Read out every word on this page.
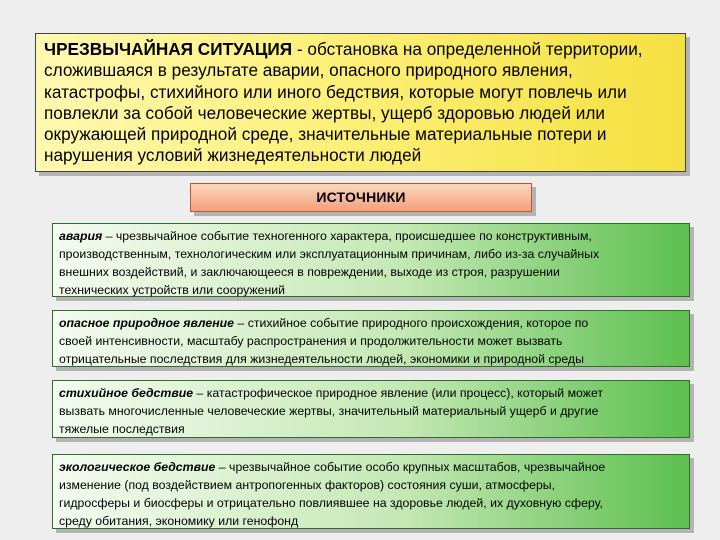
ЧРЕЗВЫЧАЙНАЯ СИТУАЦИЯ - обстановка на определенной территории,
сложившаяся в результате аварии, опасного природного явления,
катастрофы, стихийного или иного бедствия, которые могут повлечь или
повлекли за собой человеческие жертвы, ущерб здоровью людей или
окружающей природной среде, значительные материальные потери и
нарушения условий жизнедеятельности людей
ИСТОЧНИКИ
авария – чрезвычайное событие техногенного характера, происшедшее по конструктивным,
производственным, технологическим или эксплуатационным причинам, либо из-за случайных
внешних воздействий, и заключающееся в повреждении, выходе из строя, разрушении
технических устройств или сооружений
опасное природное явление – стихийное событие природного происхождения, которое по
своей интенсивности, масштабу распространения и продолжительности может вызвать
отрицательные последствия для жизнедеятельности людей, экономики и природной среды
стихийное бедствие – катастрофическое природное явление (или процесс), который может
вызвать многочисленные человеческие жертвы, значительный материальный ущерб и другие
тяжелые последствия
экологическое бедствие – чрезвычайное событие особо крупных масштабов, чрезвычайное
изменение (под воздействием антропогенных факторов) состояния суши, атмосферы,
гидросферы и биосферы и отрицательно повлиявшее на здоровье людей, их духовную сферу,
среду обитания, экономику или генофонд
